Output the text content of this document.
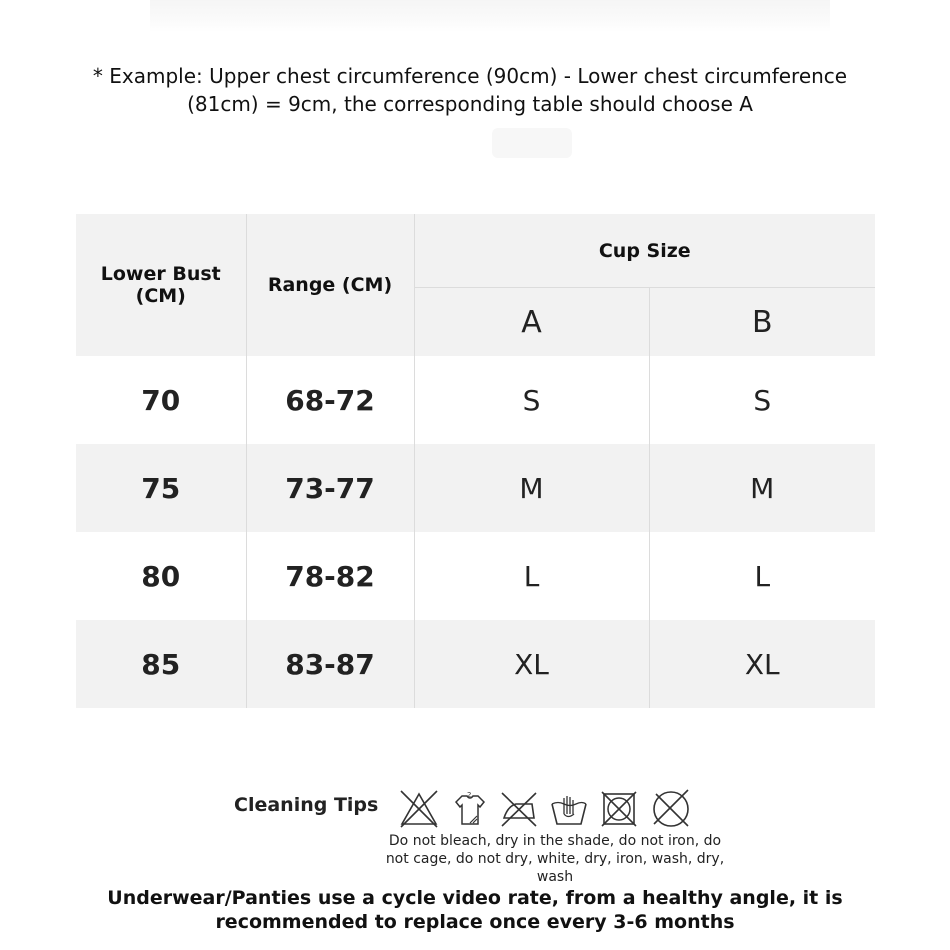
* Example: Upper chest circumference (90cm) - Lower chest circumference (81cm) = 9cm, the corresponding table should choose A
Lower Bust (CM)	Range (CM)	Cup Size	
		A	B
70	68-72	S	S
75	73-77	M	M
80	78-82	L	L
85	83-87	XL	XL
Cleaning Tips	2
Do not bleach, dry in the shade, do not iron, do not cage, do not dry, white, dry, iron, wash, dry, wash
Underwear/Panties use a cycle video rate, from a healthy angle, it is recommended to replace once every 3-6 months
